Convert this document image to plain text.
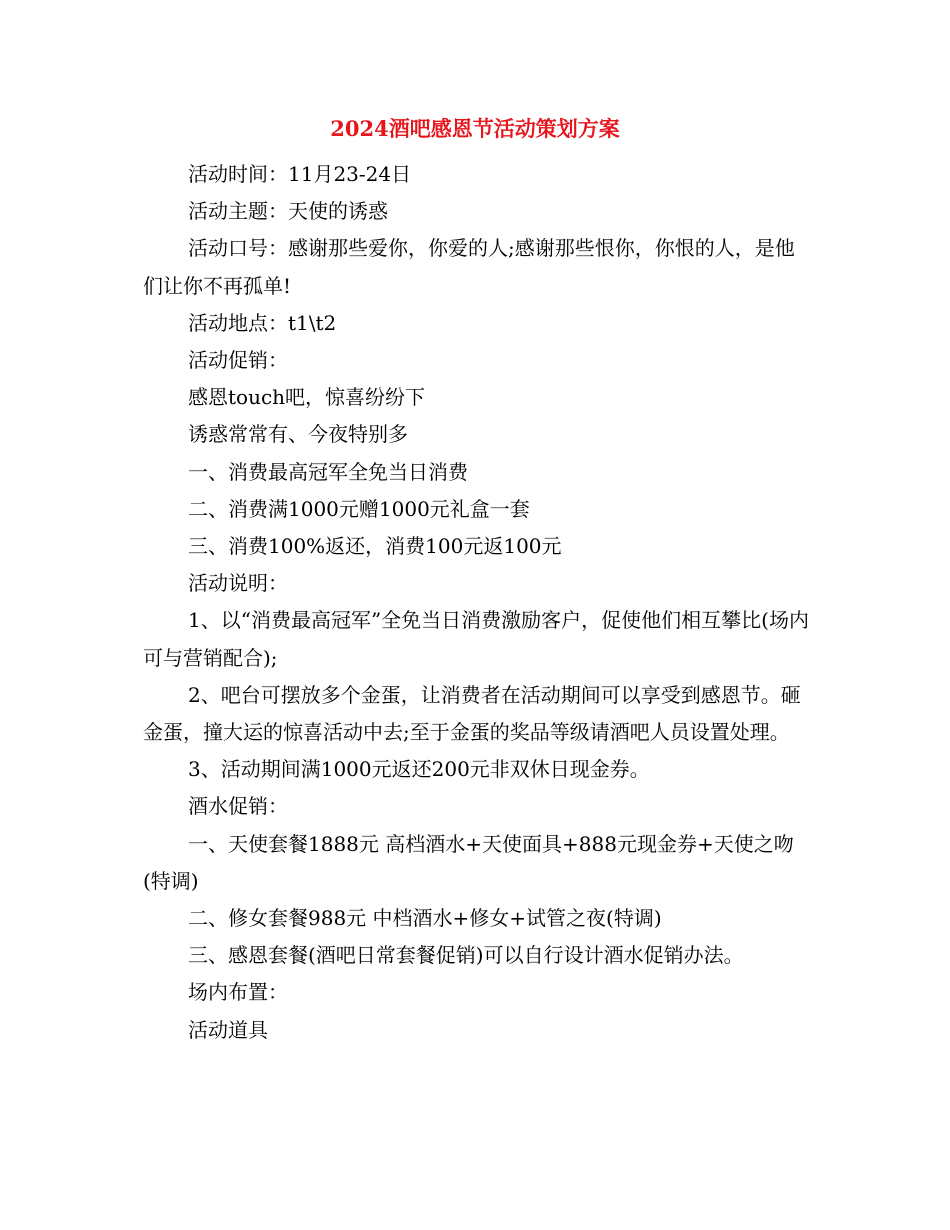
2024酒吧感恩节活动策划方案

活动时间：11月23-24日

活动主题：天使的诱惑

活动口号：感谢那些爱你，你爱的人;感谢那些恨你，你恨的人，是他们让你不再孤单!

活动地点：t1\t2

活动促销：

感恩touch吧，惊喜纷纷下

诱惑常常有、今夜特别多

一、消费最高冠军全免当日消费

二、消费满1000元赠1000元礼盒一套

三、消费100%返还，消费100元返100元

活动说明：

1、以“消费最高冠军”全免当日消费激励客户，促使他们相互攀比(场内可与营销配合);

2、吧台可摆放多个金蛋，让消费者在活动期间可以享受到感恩节。砸金蛋，撞大运的惊喜活动中去;至于金蛋的奖品等级请酒吧人员设置处理。

3、活动期间满1000元返还200元非双休日现金券。

酒水促销：

一、天使套餐1888元 高档酒水+天使面具+888元现金券+天使之吻(特调)

二、修女套餐988元 中档酒水+修女+试管之夜(特调)

三、感恩套餐(酒吧日常套餐促销)可以自行设计酒水促销办法。

场内布置：

活动道具
